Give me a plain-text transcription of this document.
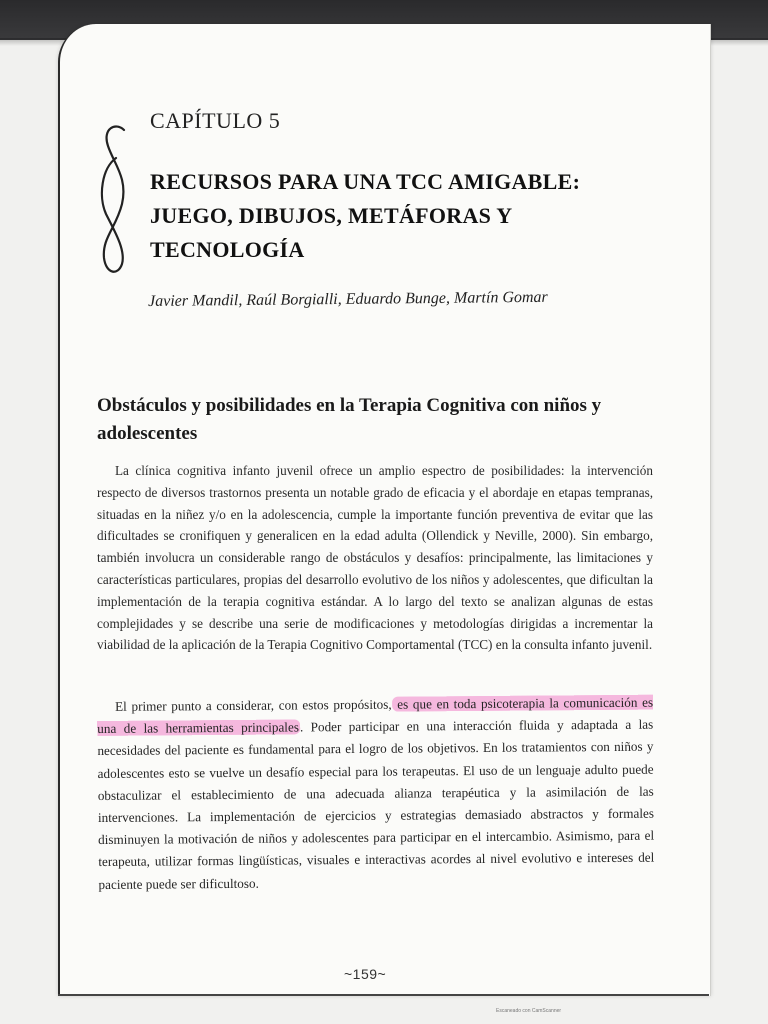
CAPÍTULO 5
RECURSOS PARA UNA TCC AMIGABLE:
JUEGO, DIBUJOS, METÁFORAS Y
TECNOLOGÍA
Javier Mandil, Raúl Borgialli, Eduardo Bunge, Martín Gomar
Obstáculos y posibilidades en la Terapia Cognitiva con niños y adolescentes

La clínica cognitiva infanto juvenil ofrece un amplio espectro de posibilidades: la intervención respecto de diversos trastornos presenta un notable grado de eficacia y el abordaje en etapas tempranas, situadas en la niñez y/o en la adolescencia, cumple la importante función preventiva de evitar que las dificultades se cronifiquen y generalicen en la edad adulta (Ollendick y Neville, 2000). Sin embargo, también involucra un considerable rango de obstáculos y desafíos: principalmente, las limitaciones y características particulares, propias del desarrollo evolutivo de los niños y adolescentes, que dificultan la implementación de la terapia cognitiva estándar. A lo largo del texto se analizan algunas de estas complejidades y se describe una serie de modificaciones y metodologías dirigidas a incrementar la viabilidad de la aplicación de la Terapia Cognitivo Comportamental (TCC) en la consulta infanto juvenil.

El primer punto a considerar, con estos propósitos, es que en toda psicoterapia la comunicación es una de las herramientas principales. Poder participar en una interacción fluida y adaptada a las necesidades del paciente es fundamental para el logro de los objetivos. En los tratamientos con niños y adolescentes esto se vuelve un desafío especial para los terapeutas. El uso de un lenguaje adulto puede obstaculizar el establecimiento de una adecuada alianza terapéutica y la asimilación de las intervenciones. La implementación de ejercicios y estrategias demasiado abstractos y formales disminuyen la motivación de niños y adolescentes para participar en el intercambio. Asimismo, para el terapeuta, utilizar formas lingüísticas, visuales e interactivas acordes al nivel evolutivo e intereses del paciente puede ser dificultoso.

~159~
Escaneado con CamScanner
